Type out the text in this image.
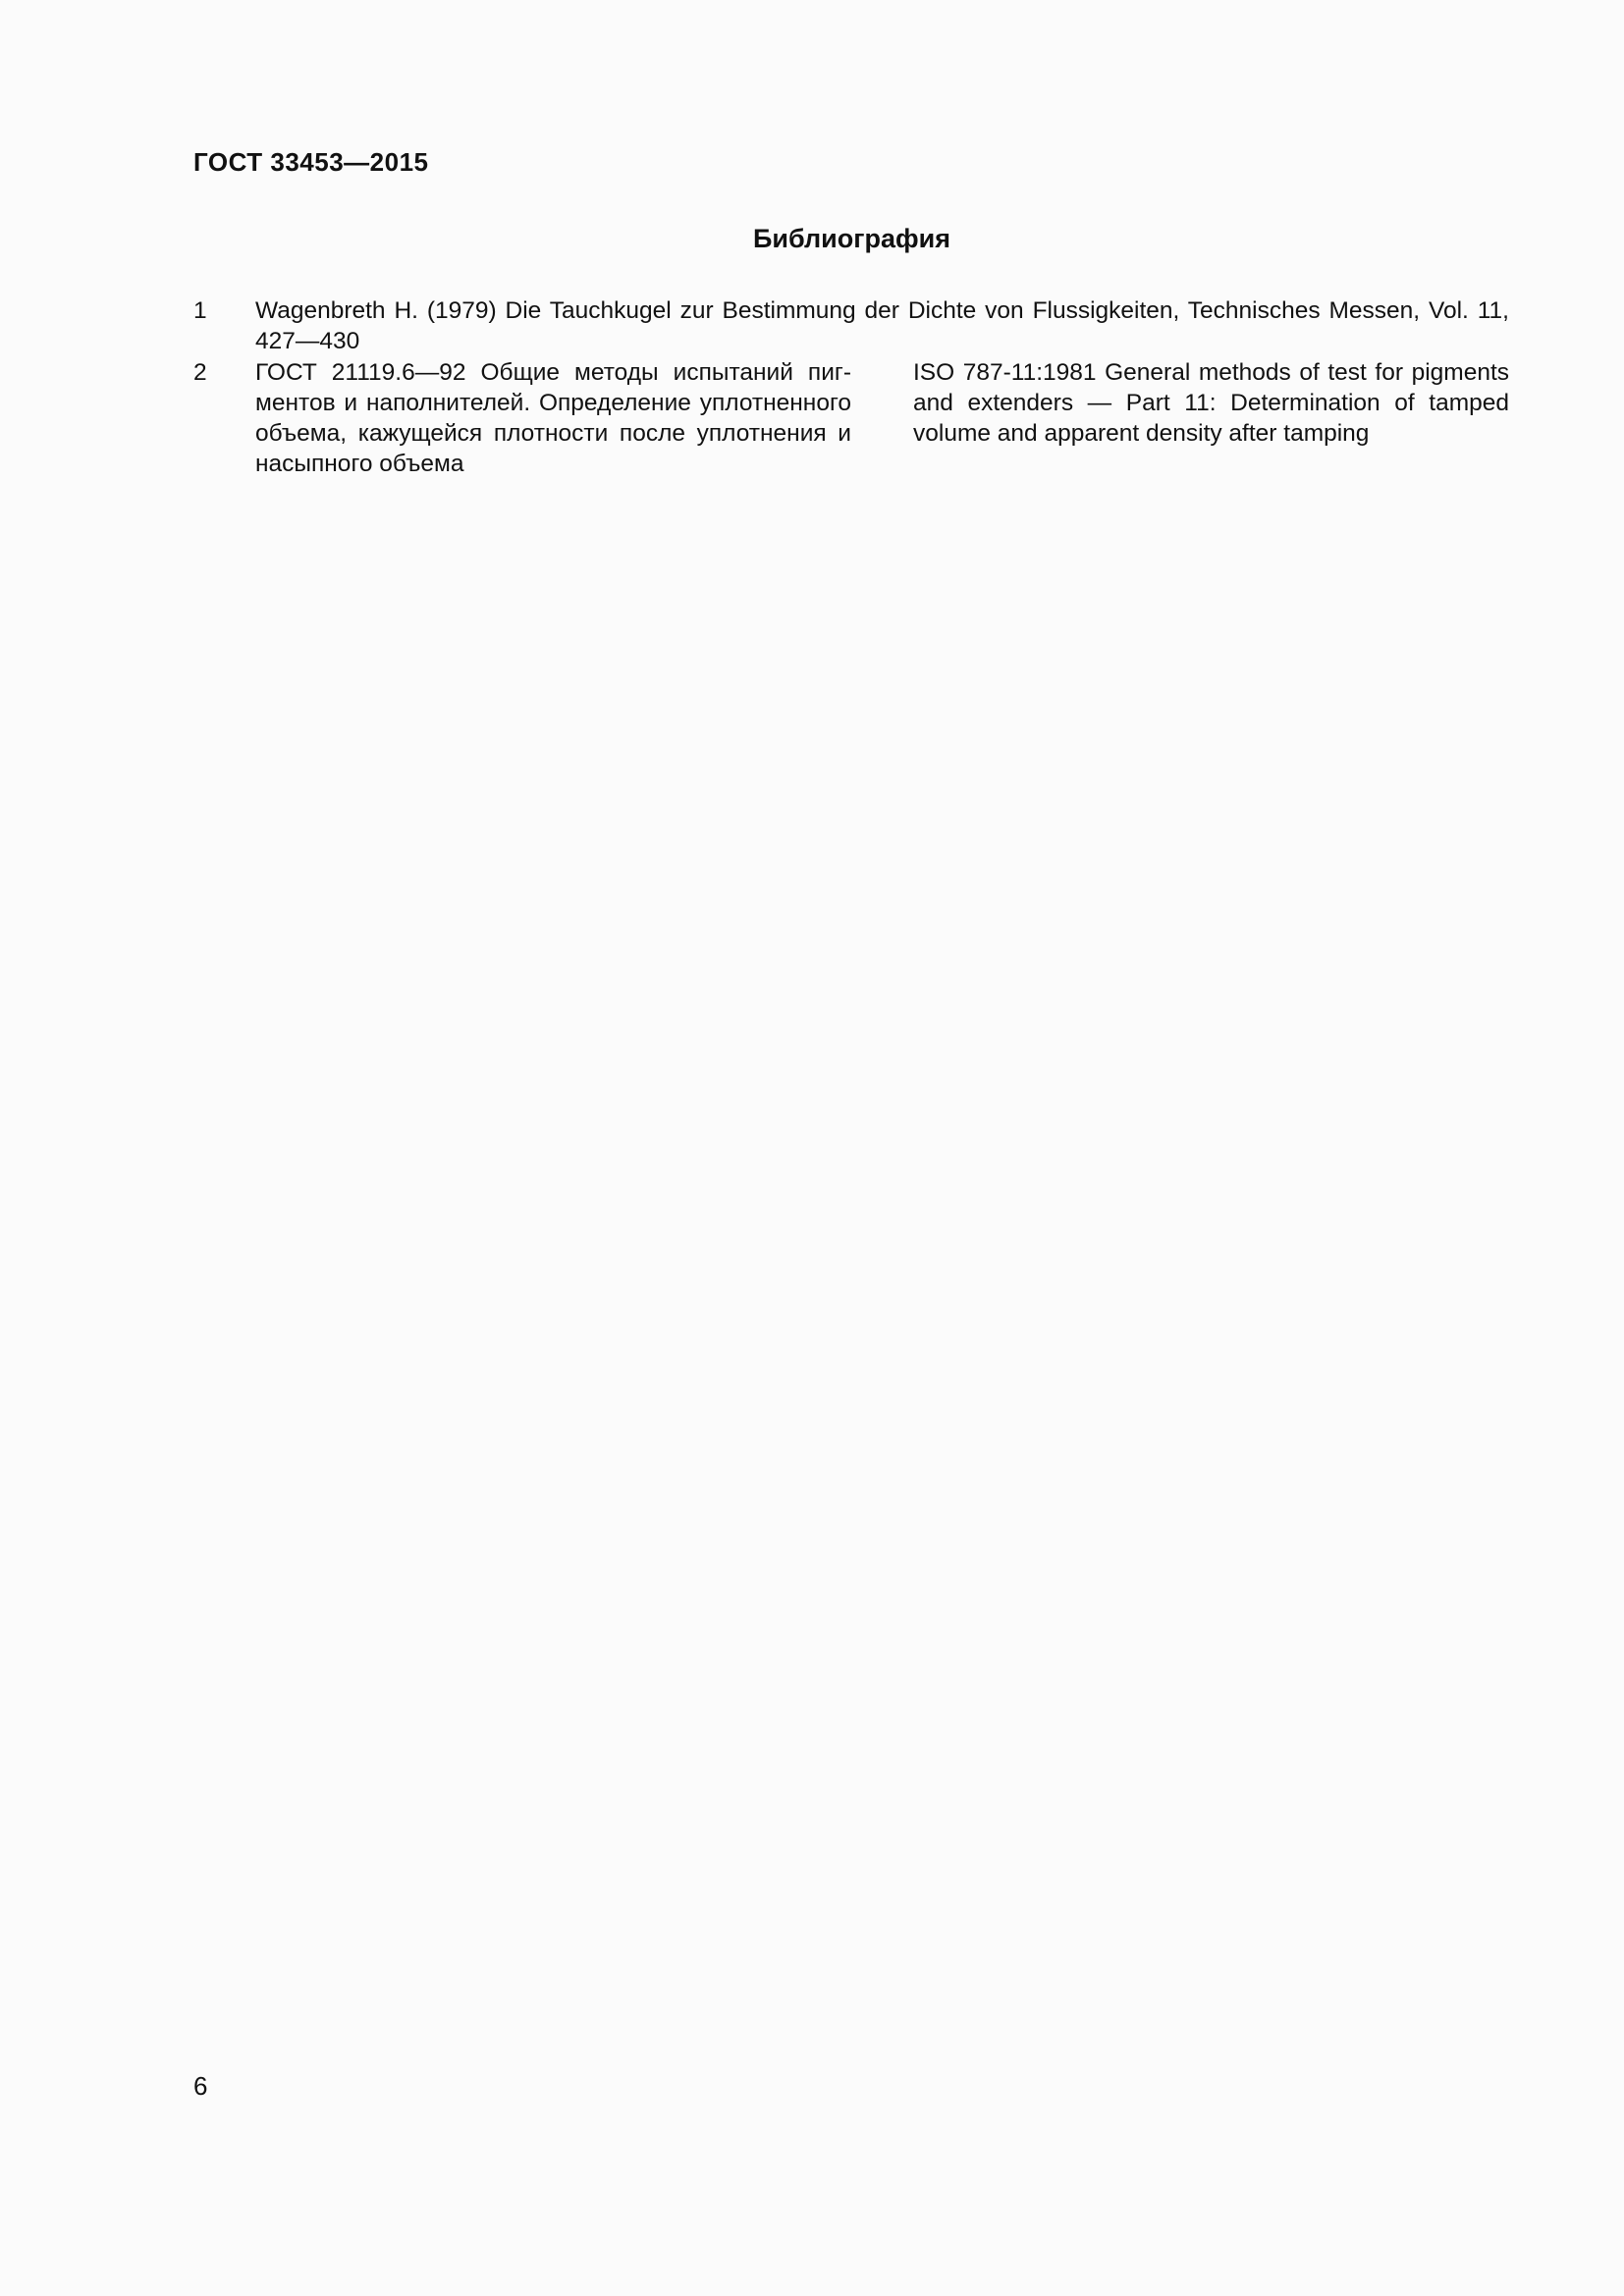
ГОСТ 33453—2015
Библиография
1	Wagenbreth H. (1979) Die Tauchkugel zur Bestimmung der Dichte von Flussigkeiten, Technisches Messen, Vol. 11, 427—430
2	ГОСТ 21119.6—92 Общие методы испытаний пигментов и наполнителей. Определение уплотненного объема, кажущейся плотности после уплотнения и насыпного объема
ISO 787-11:1981 General methods of test for pigments and extenders — Part 11: Determination of tamped volume and apparent density after tamping
6
